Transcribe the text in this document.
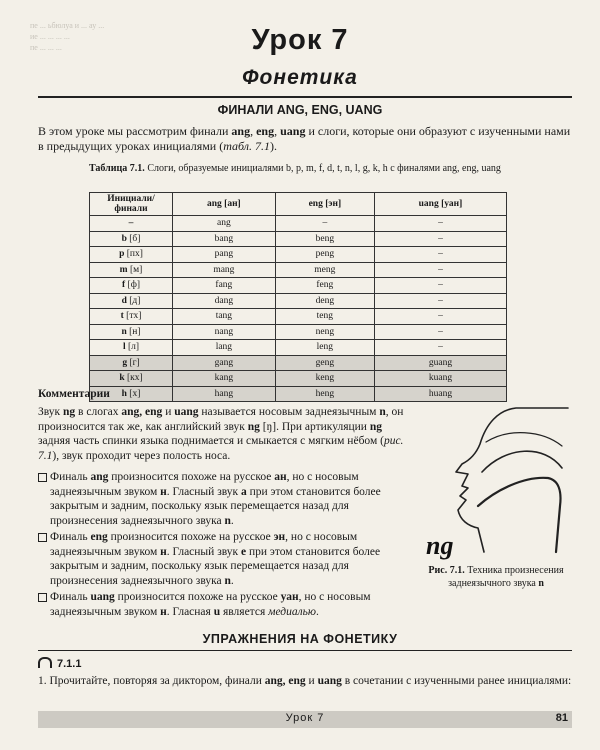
пе ... ьбюлуа и ... ау ...
ие ... ... ... ...
пе ... ... ...	Урок 7
Фонетика
ФИНАЛИ ANG, ENG, UANG
В этом уроке мы рассмотрим финали ang, eng, uang и слоги, которые они образуют с изученными нами в предыдущих уроках инициалями (табл. 7.1).
Таблица 7.1. Слоги, образуемые инициалями b, p, m, f, d, t, n, l, g, k, h с финалями ang, eng, uang
Инициали/ финали	ang [ан]	eng [эн]	uang [уан]
–	ang	–	–
b [б]	bang	beng	–
p [пх]	pang	peng	–
m [м]	mang	meng	–
f [ф]	fang	feng	–
d [д]	dang	deng	–
t [тх]	tang	teng	–
n [н]	nang	neng	–
l [л]	lang	leng	–
g [г]	gang	geng	guang
k [кх]	kang	keng	kuang
h [х]	hang	heng	huang
Комментарии
Звук ng в слогах ang, eng и uang называется носовым заднеязычным n, он произносится так же, как английский звук ng [ŋ]. При артикуляции ng задняя часть спинки языка поднимается и смыкается с мягким нёбом (рис. 7.1), звук проходит через полость носа.
Финаль ang произносится похоже на русское ан, но с носовым заднеязычным звуком н. Гласный звук а при этом становится более закрытым и задним, поскольку язык перемещается назад для произнесения заднеязычного звука n.
Финаль eng произносится похоже на русское эн, но с носовым заднеязычным звуком н. Гласный звук е при этом становится более закрытым и задним, поскольку язык перемещается назад для произнесения заднеязычного звука n.
Финаль uang произносится похоже на русское уан, но с носовым заднеязычным звуком н. Гласная u является медиалью.
ng
Рис. 7.1. Техника произнесения заднеязычного звука n
УПРАЖНЕНИЯ НА ФОНЕТИКУ
7.1.1
1. Прочитайте, повторяя за диктором, финали ang, eng и uang в сочетании с изученными ранее инициалями:
Урок 7	81
